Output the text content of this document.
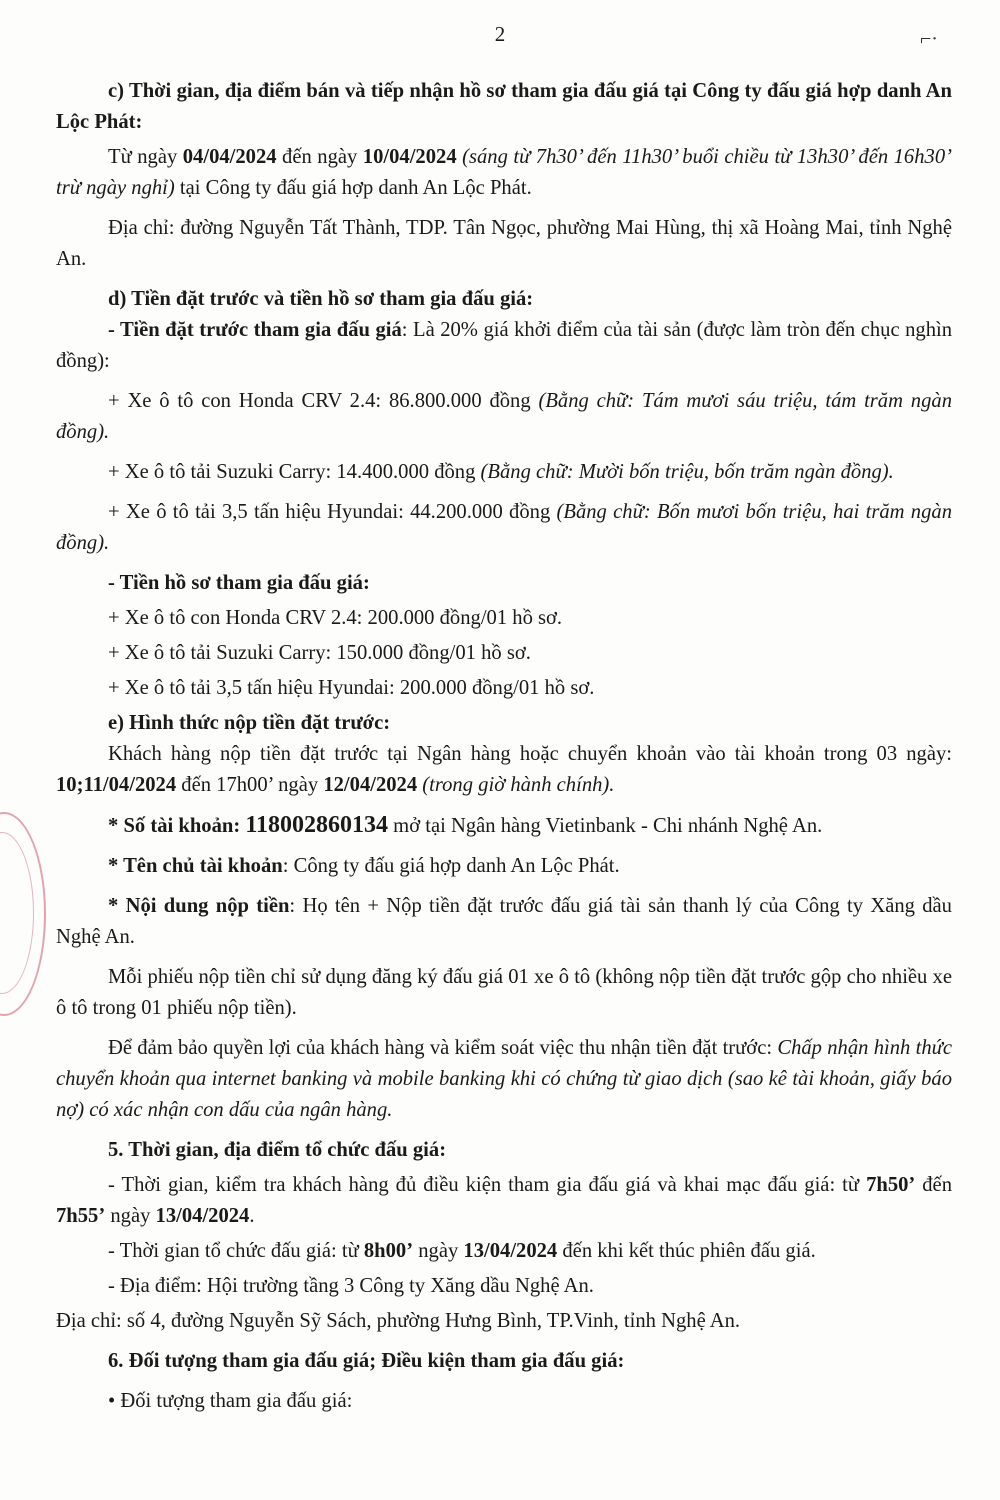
⌐·
2

c) Thời gian, địa điểm bán và tiếp nhận hồ sơ tham gia đấu giá tại Công ty đấu giá hợp danh An Lộc Phát:

Từ ngày 04/04/2024 đến ngày 10/04/2024 (sáng từ 7h30’ đến 11h30’ buổi chiều từ 13h30’ đến 16h30’ trừ ngày nghỉ) tại Công ty đấu giá hợp danh An Lộc Phát.

Địa chỉ: đường Nguyễn Tất Thành, TDP. Tân Ngọc, phường Mai Hùng, thị xã Hoàng Mai, tỉnh Nghệ An.

d) Tiền đặt trước và tiền hồ sơ tham gia đấu giá:

- Tiền đặt trước tham gia đấu giá: Là 20% giá khởi điểm của tài sản (được làm tròn đến chục nghìn đồng):

+ Xe ô tô con Honda CRV 2.4: 86.800.000 đồng (Bằng chữ: Tám mươi sáu triệu, tám trăm ngàn đồng).

+ Xe ô tô tải Suzuki Carry: 14.400.000 đồng (Bằng chữ: Mười bốn triệu, bốn trăm ngàn đồng).

+ Xe ô tô tải 3,5 tấn hiệu Hyundai: 44.200.000 đồng (Bằng chữ: Bốn mươi bốn triệu, hai trăm ngàn đồng).

- Tiền hồ sơ tham gia đấu giá:

+ Xe ô tô con Honda CRV 2.4: 200.000 đồng/01 hồ sơ.

+ Xe ô tô tải Suzuki Carry: 150.000 đồng/01 hồ sơ.

+ Xe ô tô tải 3,5 tấn hiệu Hyundai: 200.000 đồng/01 hồ sơ.

e) Hình thức nộp tiền đặt trước:

Khách hàng nộp tiền đặt trước tại Ngân hàng hoặc chuyển khoản vào tài khoản trong 03 ngày: 10;11/04/2024 đến 17h00’ ngày 12/04/2024 (trong giờ hành chính).

* Số tài khoản: 118002860134 mở tại Ngân hàng Vietinbank - Chi nhánh Nghệ An.

* Tên chủ tài khoản: Công ty đấu giá hợp danh An Lộc Phát.

* Nội dung nộp tiền: Họ tên + Nộp tiền đặt trước đấu giá tài sản thanh lý của Công ty Xăng dầu Nghệ An.

Mỗi phiếu nộp tiền chỉ sử dụng đăng ký đấu giá 01 xe ô tô (không nộp tiền đặt trước gộp cho nhiều xe ô tô trong 01 phiếu nộp tiền).

Để đảm bảo quyền lợi của khách hàng và kiểm soát việc thu nhận tiền đặt trước: Chấp nhận hình thức chuyển khoản qua internet banking và mobile banking khi có chứng từ giao dịch (sao kê tài khoản, giấy báo nợ) có xác nhận con dấu của ngân hàng.

5. Thời gian, địa điểm tổ chức đấu giá:

- Thời gian, kiểm tra khách hàng đủ điều kiện tham gia đấu giá và khai mạc đấu giá: từ 7h50’ đến 7h55’ ngày 13/04/2024.

- Thời gian tổ chức đấu giá: từ 8h00’ ngày 13/04/2024 đến khi kết thúc phiên đấu giá.

- Địa điểm: Hội trường tầng 3 Công ty Xăng dầu Nghệ An.

Địa chỉ: số 4, đường Nguyễn Sỹ Sách, phường Hưng Bình, TP.Vinh, tỉnh Nghệ An.

6. Đối tượng tham gia đấu giá; Điều kiện tham gia đấu giá:

• Đối tượng tham gia đấu giá:
